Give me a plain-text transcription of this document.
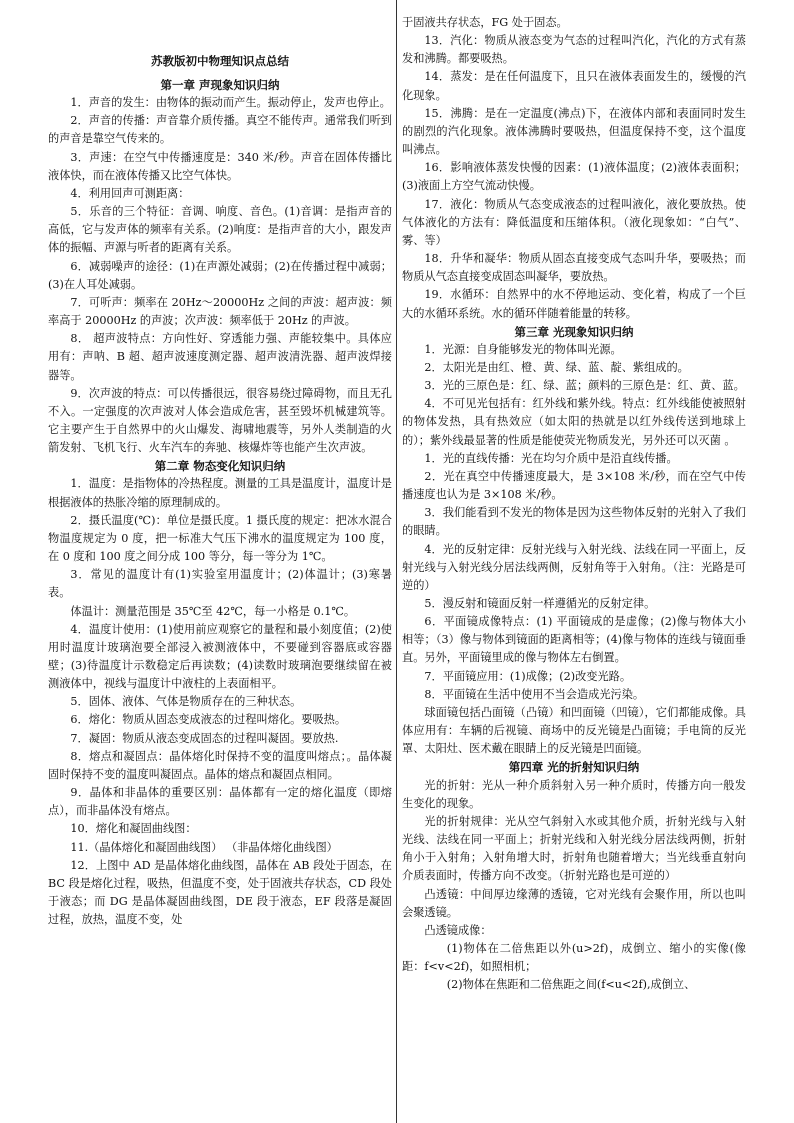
苏教版初中物理知识点总结
第一章 声现象知识归纳
1．声音的发生：由物体的振动而产生。振动停止，发声也停止。
2．声音的传播：声音靠介质传播。真空不能传声。通常我们听到的声音是靠空气传来的。
3．声速：在空气中传播速度是：340 米/秒。声音在固体传播比液体快，而在液体传播又比空气体快。
4．利用回声可测距离：
5．乐音的三个特征：音调、响度、音色。(1)音调：是指声音的高低，它与发声体的频率有关系。(2)响度：是指声音的大小，跟发声体的振幅、声源与听者的距离有关系。
6．减弱噪声的途径：(1)在声源处减弱；(2)在传播过程中减弱；(3)在人耳处减弱。
7．可听声：频率在 20Hz～20000Hz 之间的声波：超声波：频率高于 20000Hz 的声波；次声波：频率低于 20Hz 的声波。
8． 超声波特点：方向性好、穿透能力强、声能较集中。具体应用有：声呐、B 超、超声波速度测定器、超声波清洗器、超声波焊接器等。
9．次声波的特点：可以传播很远，很容易绕过障碍物，而且无孔不入。一定强度的次声波对人体会造成危害，甚至毁坏机械建筑等。它主要产生于自然界中的火山爆发、海啸地震等，另外人类制造的火箭发射、飞机飞行、火车汽车的奔驰、核爆炸等也能产生次声波。
第二章 物态变化知识归纳
1．温度：是指物体的冷热程度。测量的工具是温度计，温度计是根据液体的热胀冷缩的原理制成的。
2．摄氏温度(℃)：单位是摄氏度。1 摄氏度的规定：把冰水混合物温度规定为 0 度，把一标准大气压下沸水的温度规定为 100 度，在 0 度和 100 度之间分成 100 等分，每一等分为 1℃。
3．常见的温度计有(1)实验室用温度计；(2)体温计；(3)寒暑表。
体温计：测量范围是 35℃至 42℃，每一小格是 0.1℃。
4．温度计使用：(1)使用前应观察它的量程和最小刻度值；(2)使用时温度计玻璃泡要全部浸入被测液体中，不要碰到容器底或容器壁；(3)待温度计示数稳定后再读数；(4)读数时玻璃泡要继续留在被测液体中，视线与温度计中液柱的上表面相平。
5．固体、液体、气体是物质存在的三种状态。
6．熔化：物质从固态变成液态的过程叫熔化。要吸热。
7．凝固：物质从液态变成固态的过程叫凝固。要放热.
8．熔点和凝固点：晶体熔化时保持不变的温度叫熔点；。晶体凝固时保持不变的温度叫凝固点。晶体的熔点和凝固点相同。
9．晶体和非晶体的重要区别：晶体都有一定的熔化温度（即熔点），而非晶体没有熔点。
10．熔化和凝固曲线图：
11.（晶体熔化和凝固曲线图） （非晶体熔化曲线图）
12．上图中 AD 是晶体熔化曲线图，晶体在 AB 段处于固态，在 BC 段是熔化过程，吸热，但温度不变，处于固液共存状态，CD 段处于液态；而 DG 是晶体凝固曲线图，DE 段于液态，EF 段落是凝固过程，放热，温度不变，处
于固液共存状态，FG 处于固态。
13．汽化：物质从液态变为气态的过程叫汽化，汽化的方式有蒸发和沸腾。都要吸热。
14．蒸发：是在任何温度下，且只在液体表面发生的，缓慢的汽化现象。
15．沸腾：是在一定温度(沸点)下，在液体内部和表面同时发生的剧烈的汽化现象。液体沸腾时要吸热，但温度保持不变，这个温度叫沸点。
16．影响液体蒸发快慢的因素：(1)液体温度；(2)液体表面积；(3)液面上方空气流动快慢。
17．液化：物质从气态变成液态的过程叫液化，液化要放热。使气体液化的方法有：降低温度和压缩体积。（液化现象如：“白气”、雾、等）
18．升华和凝华：物质从固态直接变成气态叫升华，要吸热；而物质从气态直接变成固态叫凝华，要放热。
19．水循环：自然界中的水不停地运动、变化着，构成了一个巨大的水循环系统。水的循环伴随着能量的转移。
第三章 光现象知识归纳
1．光源：自身能够发光的物体叫光源。
2．太阳光是由红、橙、黄、绿、蓝、靛、紫组成的。
3．光的三原色是：红、绿、蓝；颜料的三原色是：红、黄、蓝。
4．不可见光包括有：红外线和紫外线。特点：红外线能使被照射的物体发热，具有热效应（如太阳的热就是以红外线传送到地球上的）；紫外线最显著的性质是能使荧光物质发光，另外还可以灭菌 。
1．光的直线传播：光在均匀介质中是沿直线传播。
2．光在真空中传播速度最大，是 3×108 米/秒，而在空气中传播速度也认为是 3×108 米/秒。
3．我们能看到不发光的物体是因为这些物体反射的光射入了我们的眼睛。
4．光的反射定律：反射光线与入射光线、法线在同一平面上，反射光线与入射光线分居法线两侧，反射角等于入射角。（注：光路是可逆的）
5．漫反射和镜面反射一样遵循光的反射定律。
6．平面镜成像特点：(1) 平面镜成的是虚像；(2)像与物体大小相等；（3）像与物体到镜面的距离相等；(4)像与物体的连线与镜面垂直。另外，平面镜里成的像与物体左右倒置。
7．平面镜应用：(1)成像；(2)改变光路。
8．平面镜在生活中使用不当会造成光污染。
球面镜包括凸面镜（凸镜）和凹面镜（凹镜），它们都能成像。具体应用有：车辆的后视镜、商场中的反光镜是凸面镜；手电筒的反光罩、太阳灶、医术戴在眼睛上的反光镜是凹面镜。
第四章 光的折射知识归纳
光的折射：光从一种介质斜射入另一种介质时，传播方向一般发生变化的现象。
光的折射规律：光从空气斜射入水或其他介质，折射光线与入射光线、法线在同一平面上；折射光线和入射光线分居法线两侧，折射角小于入射角；入射角增大时，折射角也随着增大；当光线垂直射向介质表面时，传播方向不改变。（折射光路也是可逆的）
凸透镜：中间厚边缘薄的透镜，它对光线有会聚作用，所以也叫会聚透镜。
凸透镜成像：
(1)物体在二倍焦距以外(u>2f)，成倒立、缩小的实像(像距：f<v<2f)，如照相机；
(2)物体在焦距和二倍焦距之间(f<u<2f),成倒立、
